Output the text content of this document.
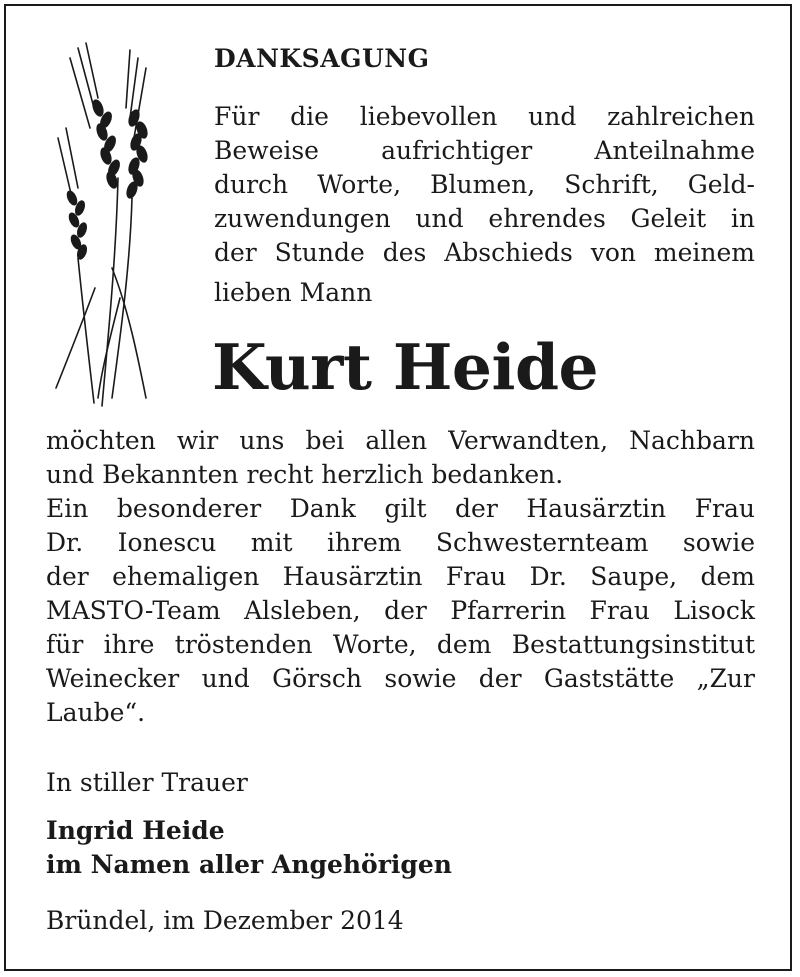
DANKSAGUNG
Für die liebevollen und zahlreichen
Beweise aufrichtiger Anteilnahme
durch Worte, Blumen, Schrift, Geld-
zuwendungen und ehrendes Geleit in
der Stunde des Abschieds von meinem
lieben Mann
Kurt Heide
möchten wir uns bei allen Verwandten, Nachbarn
und Bekannten recht herzlich bedanken.
Ein besonderer Dank gilt der Hausärztin Frau
Dr. Ionescu mit ihrem Schwesternteam sowie
der ehemaligen Hausärztin Frau Dr. Saupe, dem
MASTO-Team Alsleben, der Pfarrerin Frau Lisock
für ihre tröstenden Worte, dem Bestattungsinstitut
Weinecker und Görsch sowie der Gaststätte „Zur
Laube“.
In stiller Trauer
Ingrid Heide
im Namen aller Angehörigen
Bründel, im Dezember 2014
